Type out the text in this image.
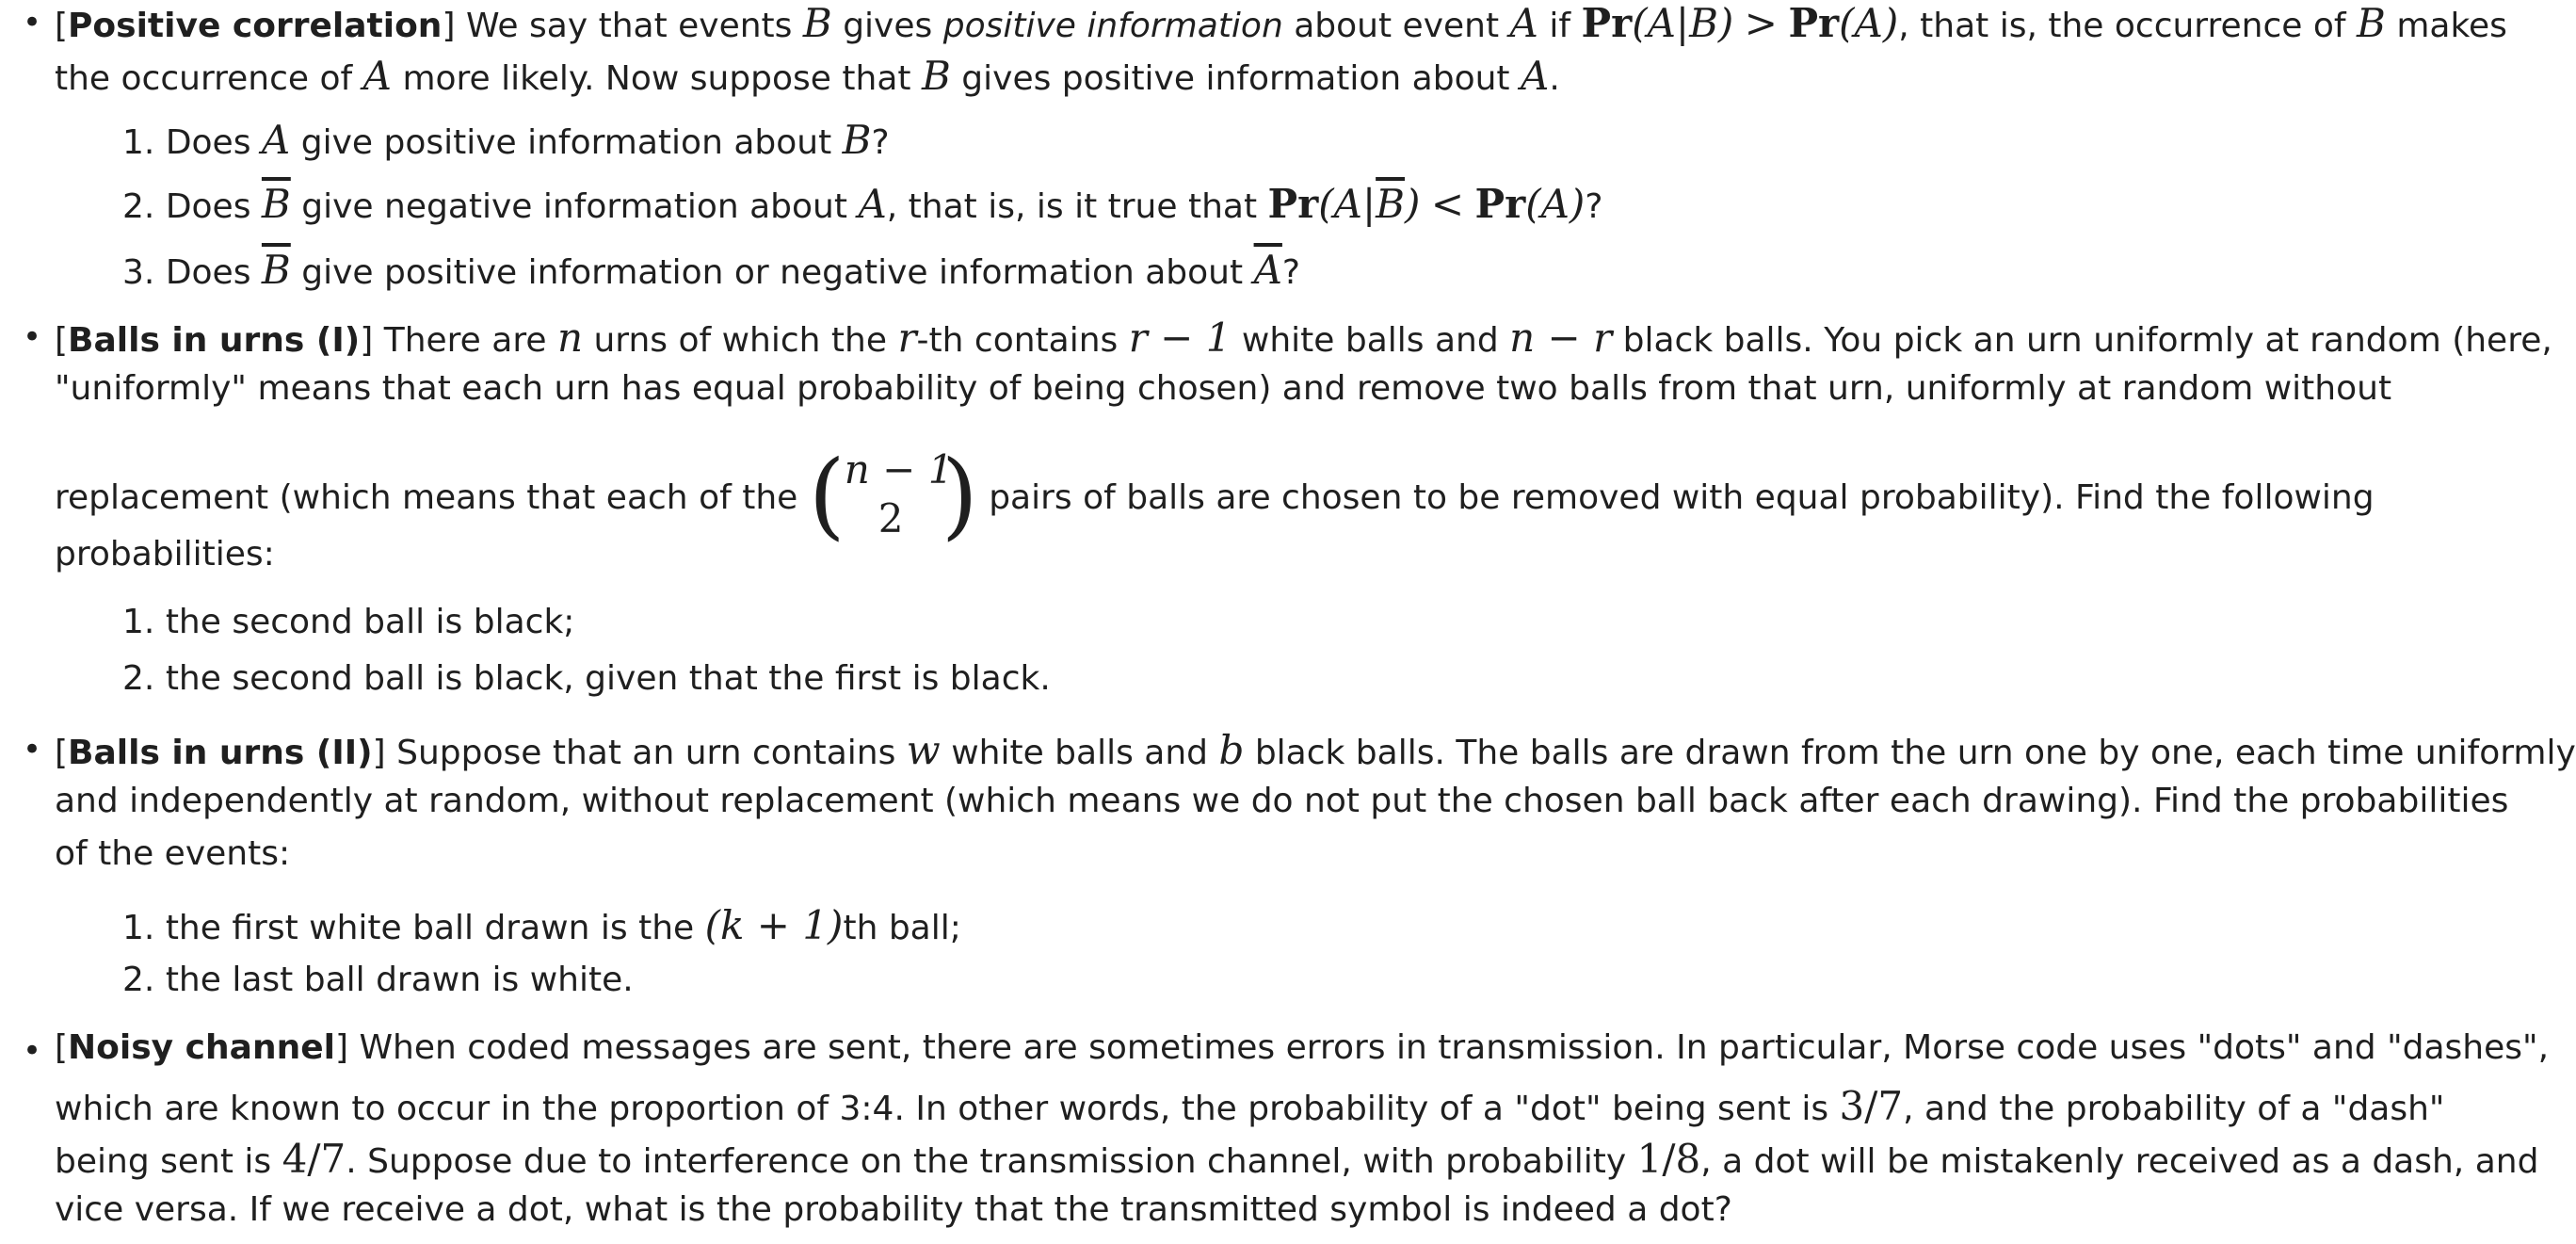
• [Positive correlation] We say that events B gives positive information about event A if Pr(A|B) > Pr(A), that is, the occurrence of B makes
the occurrence of A more likely. Now suppose that B gives positive information about A.
1. Does A give positive information about B?
2. Does $\overline{B}$ give negative information about A, that is, is it true that $Pr(A|\overline{B}) < Pr(A)$?
3. Does $\overline{B}$ give positive information or negative information about $\overline{A}$?
• [Balls in urns (I)] There are n urns of which the r-th contains r − 1 white balls and n − r black balls. You pick an urn uniformly at random (here,
"uniformly" means that each urn has equal probability of being chosen) and remove two balls from that urn, uniformly at random without
replacement (which means that each of the (
n − 1
2 ) pairs of balls are chosen to be removed with equal probability). Find the following
probabilities:
1. the second ball is black;
2. the second ball is black, given that the first is black.
• [Balls in urns (II)] Suppose that an urn contains w white balls and b black balls. The balls are drawn from the urn one by one, each time uniformly
and independently at random, without replacement (which means we do not put the chosen ball back after each drawing). Find the probabilities
of the events:
1. the first white ball drawn is the (k + 1)th ball;
2. the last ball drawn is white.
• [Noisy channel] When coded messages are sent, there are sometimes errors in transmission. In particular, Morse code uses "dots" and "dashes",
which are known to occur in the proportion of 3:4. In other words, the probability of a "dot" being sent is 3/7, and the probability of a "dash"
being sent is 4/7. Suppose due to interference on the transmission channel, with probability 1/8, a dot will be mistakenly received as a dash, and
vice versa. If we receive a dot, what is the probability that the transmitted symbol is indeed a dot?
